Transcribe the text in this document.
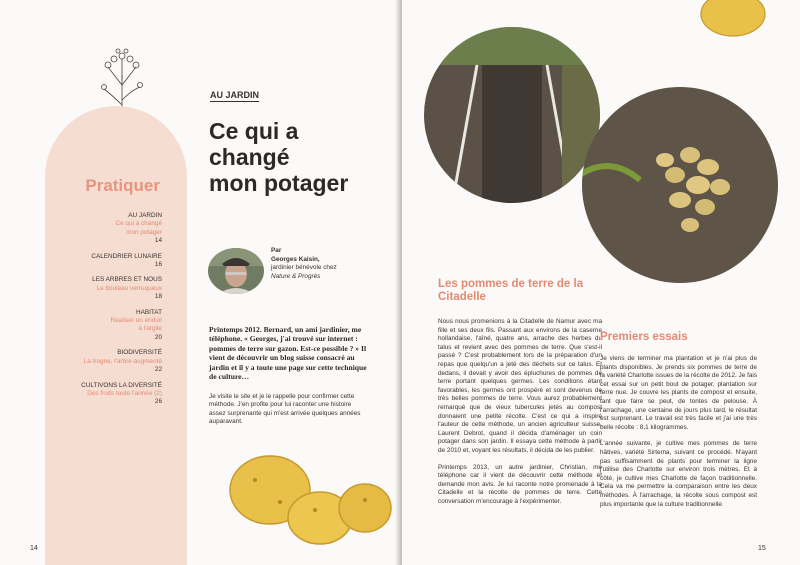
Pratiquer
AU JARDIN
Ce qui a changé
mon potager
14
CALENDRIER LUNAIRE
16
LES ARBRES ET NOUS
Le bouleau verruqueux
18
HABITAT
Réaliser un enduit
à l'argile
20
BIODIVERSITÉ
La trogne, l'arbre augmenté
22
CULTIVONS LA DIVERSITÉ
Des fruits toute l'année (2)
26
AU JARDIN
Ce qui a
changé
mon potager
Par
Georges Kaisin,
jardinier bénévole chez
Nature & Progrès
Printemps 2012. Bernard, un ami jardinier, me téléphone. « Georges, j'ai trouvé sur internet : pommes de terre sur gazon. Est-ce possible ? » Il vient de découvrir un blog suisse consacré au jardin et il y a toute une page sur cette technique de culture…
Je visite le site et je le rappelle pour confirmer cette méthode. J'en profite pour lui raconter une histoire assez surprenante qui m'est arrivée quelques années auparavant.
14
Les pommes de terre de la Citadelle

Nous nous promenions à la Citadelle de Namur avec ma fille et ses deux fils. Passant aux environs de la caserne hollandaise, l'aîné, quatre ans, arrache des herbes du talus et revient avec des pommes de terre. Que s'est-il passé ? C'est probablement lors de la préparation d'un repas que quelqu'un a jeté des déchets sur ce talus. Et dedans, il devait y avoir des épluchures de pommes de terre portant quelques germes. Les conditions étant favorables, les germes ont prospéré et sont devenus de très belles pommes de terre. Vous aurez probablement remarqué que de vieux tubercules jetés au compost donnaient une petite récolte. C'est ce qui a inspiré l'auteur de cette méthode, un ancien agriculteur suisse, Laurent Debrot, quand il décida d'aménager un coin potager dans son jardin. Il essaya cette méthode à partir de 2010 et, voyant les résultats, il décida de les publier.

Printemps 2013, un autre jardinier, Christian, me téléphone car il vient de découvrir cette méthode et demande mon avis. Je lui raconte notre promenade à la Citadelle et la récolte de pommes de terre. Cette conversation m'encourage à l'expérimenter.

Premiers essais

Je viens de terminer ma plantation et je n'ai plus de plants disponibles. Je prends six pommes de terre de la variété Charlotte issues de la récolte de 2012. Je fais cet essai sur un petit bout de potager, plantation sur terre nue. Je couvre les plants de compost et ensuite, tant que faire se peut, de tontes de pelouse. À l'arrachage, une centaine de jours plus tard, le résultat est surprenant. Le travail est très facile et j'ai une très belle récolte : 8,1 kilogrammes.

L'année suivante, je cultive mes pommes de terre hâtives, variété Sirtema, suivant ce procédé. N'ayant pas suffisamment de plants pour terminer la ligne j'utilise des Charlotte sur environ trois mètres. Et à côté, je cultive mes Charlotte de façon traditionnelle. Cela va me permettre la comparaison entre les deux méthodes. À l'arrachage, la récolte sous compost est plus importante que la culture traditionnelle.

15
